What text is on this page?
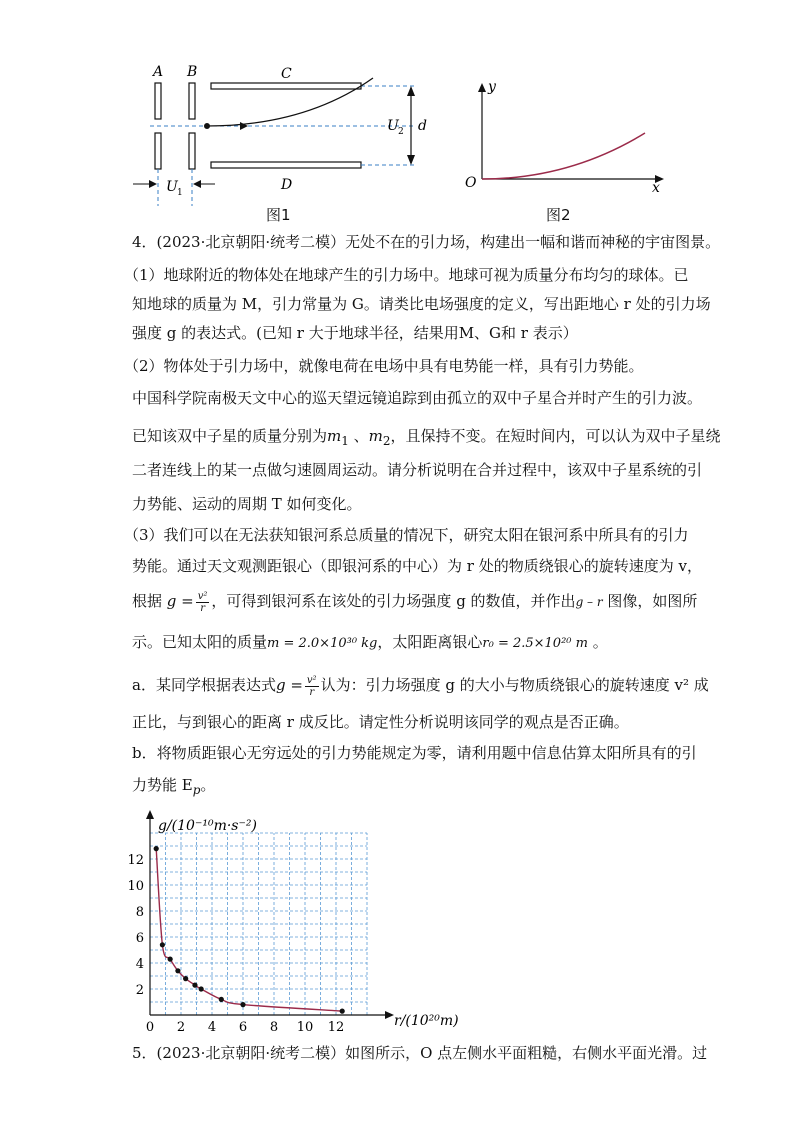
A B	C
D
U 2 d
U 1
图1
y
x
O
图2
4．(2023·北京朝阳·统考二模）无处不在的引力场，构建出一幅和谐而神秘的宇宙图景。
（1）地球附近的物体处在地球产生的引力场中。地球可视为质量分布均匀的球体。已
知地球的质量为 M，引力常量为 G。请类比电场强度的定义，写出距地心 r 处的引力场
强度 g 的表达式。(已知 r 大于地球半径，结果用M、G和 r 表示）
（2）物体处于引力场中，就像电荷在电场中具有电势能一样，具有引力势能。
中国科学院南极天文中心的巡天望远镜追踪到由孤立的双中子星合并时产生的引力波。
已知该双中子星的质量分别为$m_1$ 、$m_2$，且保持不变。在短时间内，可以认为双中子星绕
二者连线上的某一点做匀速圆周运动。请分析说明在合并过程中，该双中子星系统的引
力势能、运动的周期 T 如何变化。
（3）我们可以在无法获知银河系总质量的情况下，研究太阳在银河系中所具有的引力
势能。通过天文观测距银心（即银河系的中心）为 r 处的物质绕银心的旋转速度为 v，
根据 $g = \frac{\text{v²}}{r}$ ，可得到银河系在该处的引力场强度 g 的数值，并作出g – r 图像，如图所
示。已知太阳的质量m = 2.0×10³⁰ kg，太阳距离银心r₀ = 2.5×10²⁰ m 。
a．某同学根据表达式$g = \frac{\text{v²}}{r}$ 认为：引力场强度 g 的大小与物质绕银心的旋转速度 v² 成
正比，与到银心的距离 r 成反比。请定性分析说明该同学的观点是否正确。
b．将物质距银心无穷远处的引力势能规定为零，请利用题中信息估算太阳所具有的引
力势能 $E_p$。
0 2 4 6 8 10 12
2
4
6
8
10
12
g/(10⁻¹⁰m·s⁻²)
r/(10²⁰m)
5．(2023·北京朝阳·统考二模）如图所示，O 点左侧水平面粗糙，右侧水平面光滑。过
